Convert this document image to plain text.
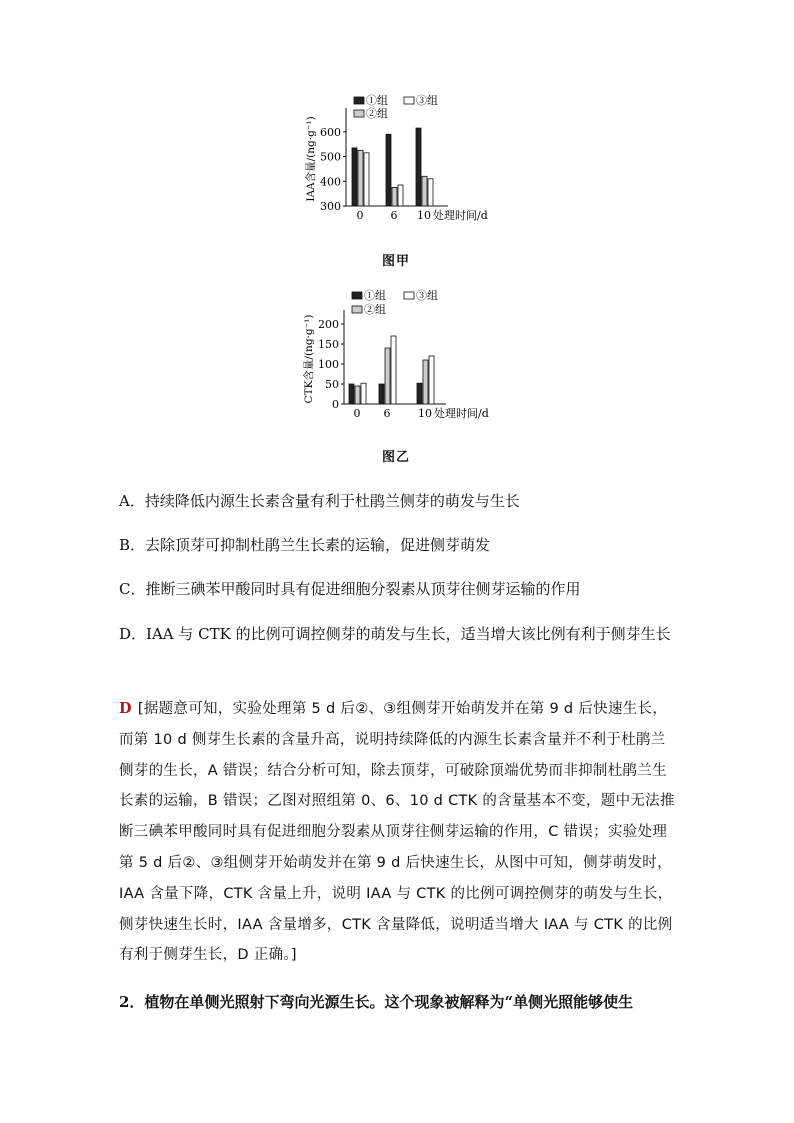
300
400
500
600
IAA含量/(ng·g⁻¹)
0 6 10 处理时间/d
①组	③组
②组
图甲
0
50
100
150
200
CTK含量/(ng·g⁻¹)
0 6	10 处理时间/d
①组	③组
②组
图乙

A．持续降低内源生长素含量有利于杜鹃兰侧芽的萌发与生长

B．去除顶芽可抑制杜鹃兰生长素的运输，促进侧芽萌发

C．推断三碘苯甲酸同时具有促进细胞分裂素从顶芽往侧芽运输的作用

D．IAA 与 CTK 的比例可调控侧芽的萌发与生长，适当增大该比例有利于侧芽生长

D [据题意可知，实验处理第 5 d 后②、③组侧芽开始萌发并在第 9 d 后快速生长，而第 10 d 侧芽生长素的含量升高，说明持续降低的内源生长素含量并不利于杜鹃兰侧芽的生长，A 错误；结合分析可知，除去顶芽，可破除顶端优势而非抑制杜鹃兰生长素的运输，B 错误；乙图对照组第 0、6、10 d CTK 的含量基本不变，题中无法推断三碘苯甲酸同时具有促进细胞分裂素从顶芽往侧芽运输的作用，C 错误；实验处理第 5 d 后②、③组侧芽开始萌发并在第 9 d 后快速生长，从图中可知，侧芽萌发时，IAA 含量下降，CTK 含量上升，说明 IAA 与 CTK 的比例可调控侧芽的萌发与生长，侧芽快速生长时，IAA 含量增多，CTK 含量降低，说明适当增大 IAA 与 CTK 的比例有利于侧芽生长，D 正确。]

2．植物在单侧光照射下弯向光源生长。这个现象被解释为“单侧光照能够使生
